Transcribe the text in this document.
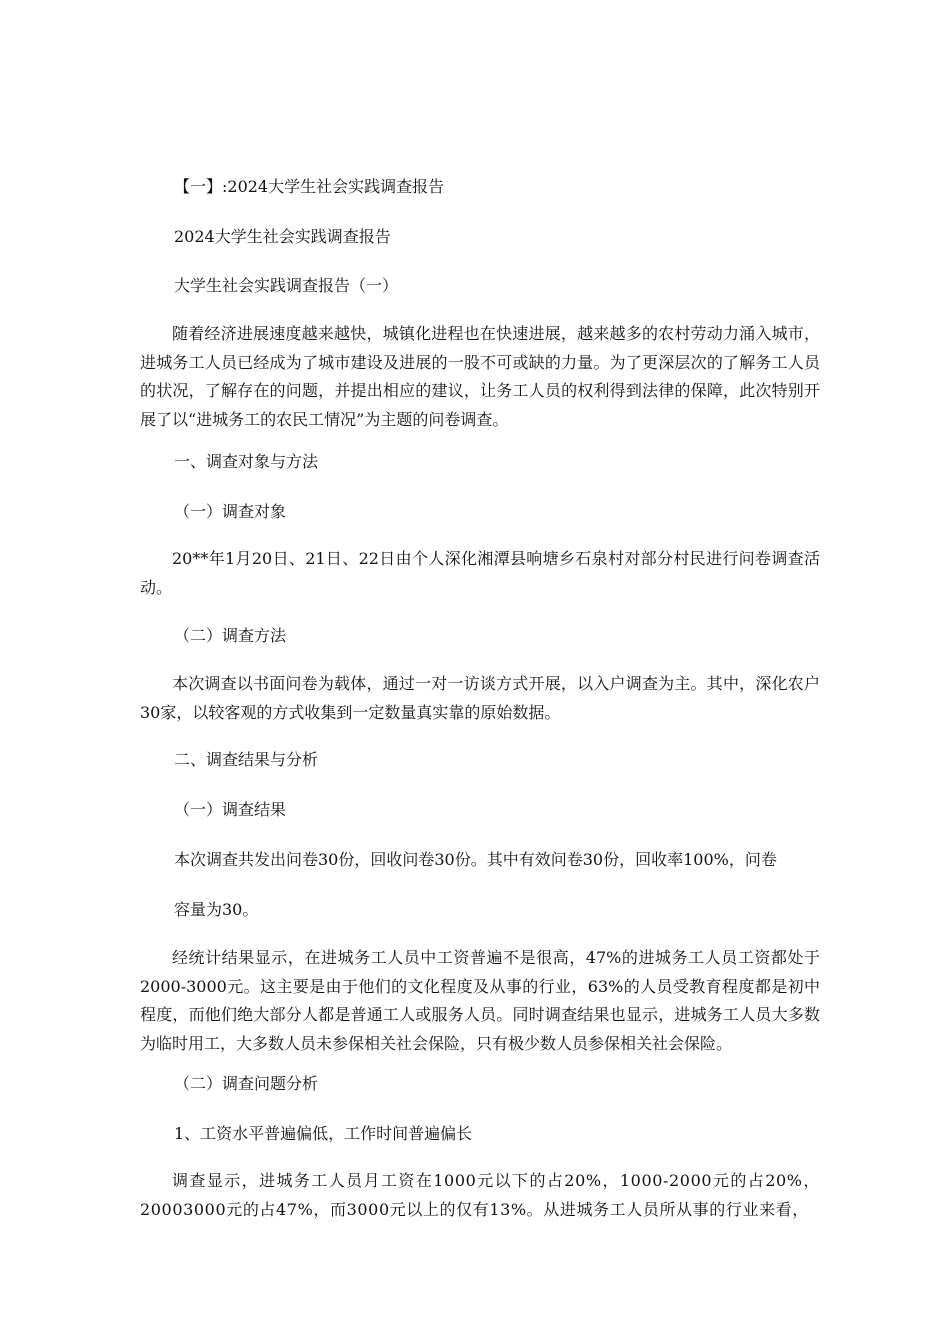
【一】:2024大学生社会实践调查报告

2024大学生社会实践调查报告

大学生社会实践调查报告（一）

随着经济进展速度越来越快，城镇化进程也在快速进展，越来越多的农村劳动力涌入城市，进城务工人员已经成为了城市建设及进展的一股不可或缺的力量。为了更深层次的了解务工人员的状况，了解存在的问题，并提出相应的建议，让务工人员的权利得到法律的保障，此次特别开展了以“进城务工的农民工情况”为主题的问卷调查。

一、调查对象与方法

（一）调查对象

20**年1月20日、21日、22日由个人深化湘潭县响塘乡石泉村对部分村民进行问卷调查活动。

（二）调查方法

本次调查以书面问卷为载体，通过一对一访谈方式开展，以入户调查为主。其中，深化农户30家，以较客观的方式收集到一定数量真实靠的原始数据。

二、调查结果与分析

（一）调查结果

本次调查共发出问卷30份，回收问卷30份。其中有效问卷30份，回收率100%，问卷

容量为30。

经统计结果显示，在进城务工人员中工资普遍不是很高，47%的进城务工人员工资都处于2000-3000元。这主要是由于他们的文化程度及从事的行业，63%的人员受教育程度都是初中程度，而他们绝大部分人都是普通工人或服务人员。同时调查结果也显示，进城务工人员大多数为临时用工，大多数人员未参保相关社会保险，只有极少数人员参保相关社会保险。

（二）调查问题分析

1、工资水平普遍偏低，工作时间普遍偏长

调查显示，进城务工人员月工资在1000元以下的占20%，1000-2000元的占20%，20003000元的占47%，而3000元以上的仅有13%。从进城务工人员所从事的行业来看，
